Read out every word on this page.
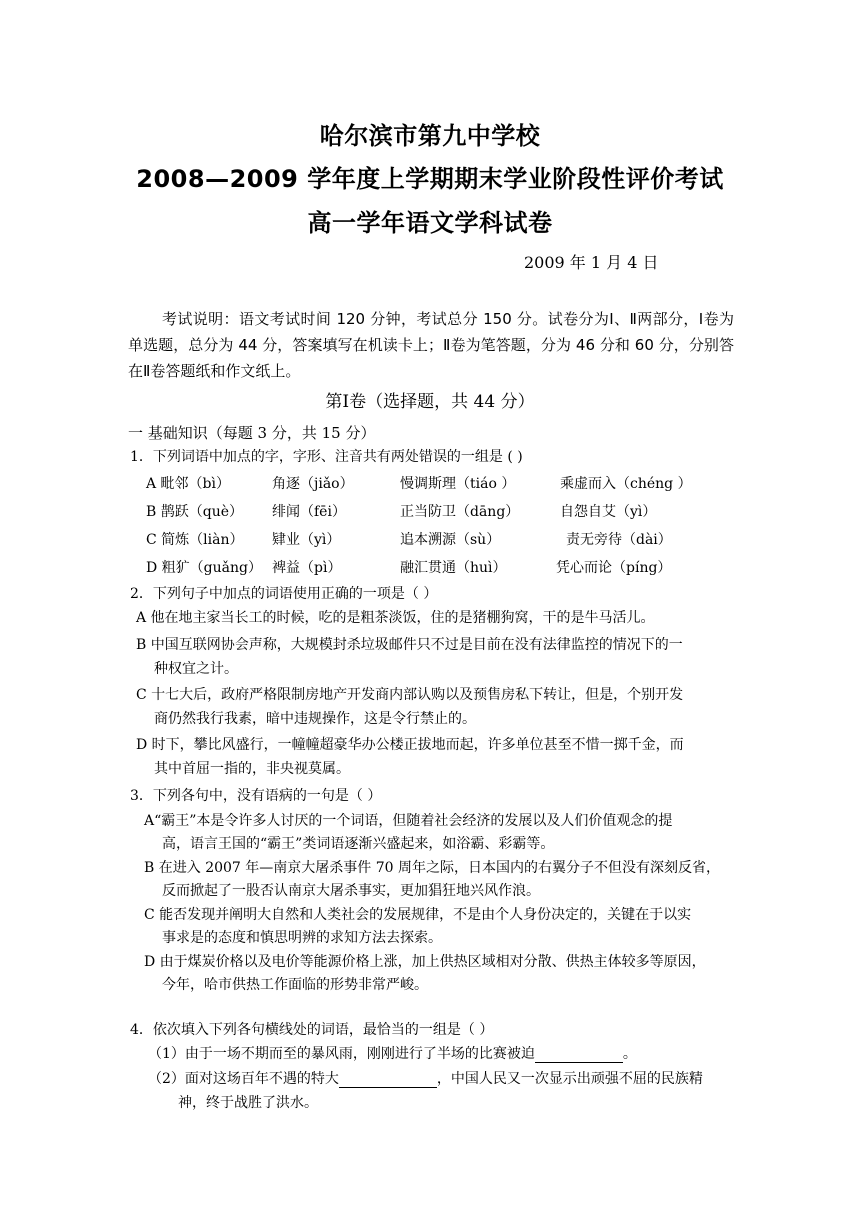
哈尔滨市第九中学校
2008—2009 学年度上学期期末学业阶段性评价考试
高一学年语文学科试卷
2009 年 1 月 4 日
考试说明：语文考试时间 120 分钟，考试总分 150 分。试卷分为Ⅰ、Ⅱ两部分，Ⅰ卷为单选题，总分为 44 分，答案填写在机读卡上；Ⅱ卷为笔答题，分为 46 分和 60 分，分别答在Ⅱ卷答题纸和作文纸上。
第Ⅰ卷（选择题，共 44 分）
一 基础知识（每题 3 分，共 15 分）
1．下列词语中加点的字，字形、注音共有两处错误的一组是 ( )
A 毗邻（bì）	角逐（jiǎo）	慢调斯理（tiáo ）	乘虚而入（chéng ）
B 鹊跃（què） 绯闻（fēi）	正当防卫（dāng）	自怨自艾（yì）
C 简炼（liàn） 肄业（yì）	追本溯源（sù）	责无旁待（dài）
D 粗犷（guǎng） 裨益（pì）	融汇贯通（huì）	凭心而论（píng）
2．下列句子中加点的词语使用正确的一项是（ ）
A 他在地主家当长工的时候，吃的是粗茶淡饭，住的是猪棚狗窝，干的是牛马活儿。
B 中国互联网协会声称，大规模封杀垃圾邮件只不过是目前在没有法律监控的情况下的一
种权宜之计。
C 十七大后，政府严格限制房地产开发商内部认购以及预售房私下转让，但是，个别开发
商仍然我行我素，暗中违规操作，这是令行禁止的。
D 时下，攀比风盛行，一幢幢超豪华办公楼正拔地而起，许多单位甚至不惜一掷千金，而
其中首屈一指的，非央视莫属。
3．下列各句中，没有语病的一句是（ ）
A“霸王”本是令许多人讨厌的一个词语，但随着社会经济的发展以及人们价值观念的提
高，语言王国的“霸王”类词语逐渐兴盛起来，如浴霸、彩霸等。
B 在进入 2007 年—南京大屠杀事件 70 周年之际，日本国内的右翼分子不但没有深刻反省，
反而掀起了一股否认南京大屠杀事实，更加猖狂地兴风作浪。
C 能否发现并阐明大自然和人类社会的发展规律，不是由个人身份决定的，关键在于以实
事求是的态度和慎思明辨的求知方法去探索。
D 由于煤炭价格以及电价等能源价格上涨，加上供热区域相对分散、供热主体较多等原因，
今年，哈市供热工作面临的形势非常严峻。
4．依次填入下列各句横线处的词语，最恰当的一组是（ ）
（1）由于一场不期而至的暴风雨，刚刚进行了半场的比赛被迫	。
（2）面对这场百年不遇的特大	，中国人民又一次显示出顽强不屈的民族精
神，终于战胜了洪水。
